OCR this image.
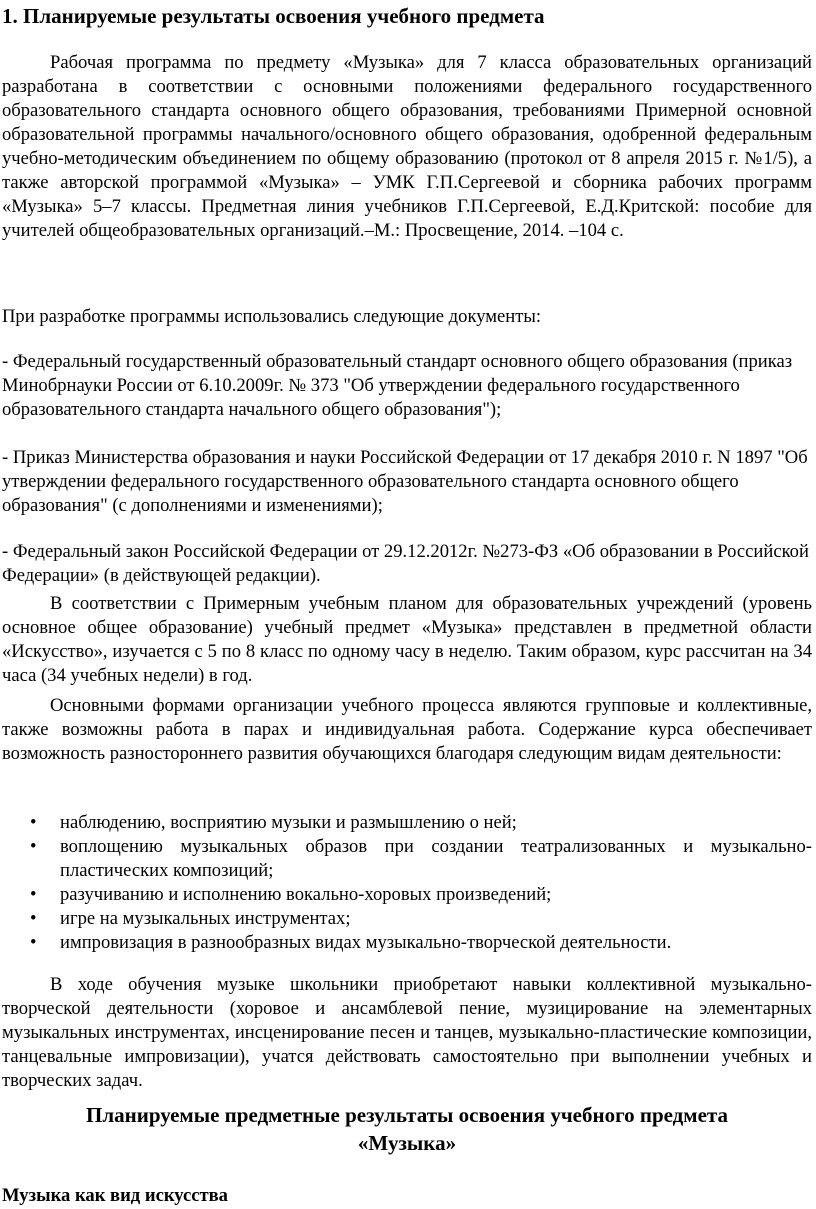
1. Планируемые результаты освоения учебного предмета

Рабочая программа по предмету «Музыка» для 7 класса образовательных организаций разработана в соответствии с основными положениями федерального государственного образовательного стандарта основного общего образования, требованиями Примерной основной образовательной программы начального/основного общего образования, одобренной федеральным учебно-методическим объединением по общему образованию (протокол от 8 апреля 2015 г. №1/5), а также авторской программой «Музыка» – УМК Г.П.Сергеевой и сборника рабочих программ «Музыка» 5–7 классы. Предметная линия учебников Г.П.Сергеевой, Е.Д.Критской: пособие для учителей общеобразовательных организаций.–М.: Просвещение, 2014. –104 с.

При разработке программы использовались следующие документы:

- Федеральный государственный образовательный стандарт основного общего образования (приказ Минобрнауки России от 6.10.2009г. № 373 "Об утверждении федерального государственного образовательного стандарта начального общего образования");

- Приказ Министерства образования и науки Российской Федерации от 17 декабря 2010 г. N 1897 "Об утверждении федерального государственного образовательного стандарта основного общего образования" (с дополнениями и изменениями);

- Федеральный закон Российской Федерации от 29.12.2012г. №273-ФЗ «Об образовании в Российской Федерации» (в действующей редакции).

В соответствии с Примерным учебным планом для образовательных учреждений (уровень основное общее образование) учебный предмет «Музыка» представлен в предметной области «Искусство», изучается с 5 по 8 класс по одному часу в неделю. Таким образом, курс рассчитан на 34 часа (34 учебных недели) в год.

Основными формами организации учебного процесса являются групповые и коллективные, также возможны работа в парах и индивидуальная работа. Содержание курса обеспечивает возможность разностороннего развития обучающихся благодаря следующим видам деятельности:

• наблюдению, восприятию музыки и размышлению о ней;
• воплощению музыкальных образов при создании театрализованных и музыкально-пластических композиций;
• разучиванию и исполнению вокально-хоровых произведений;
• игре на музыкальных инструментах;
• импровизация в разнообразных видах музыкально-творческой деятельности.

В ходе обучения музыке школьники приобретают навыки коллективной музыкально-творческой деятельности (хоровое и ансамблевой пение, музицирование на элементарных музыкальных инструментах, инсценирование песен и танцев, музыкально-пластические композиции, танцевальные импровизации), учатся действовать самостоятельно при выполнении учебных и творческих задач.

Планируемые предметные результаты освоения учебного предмета

«Музыка»

Музыка как вид искусства
